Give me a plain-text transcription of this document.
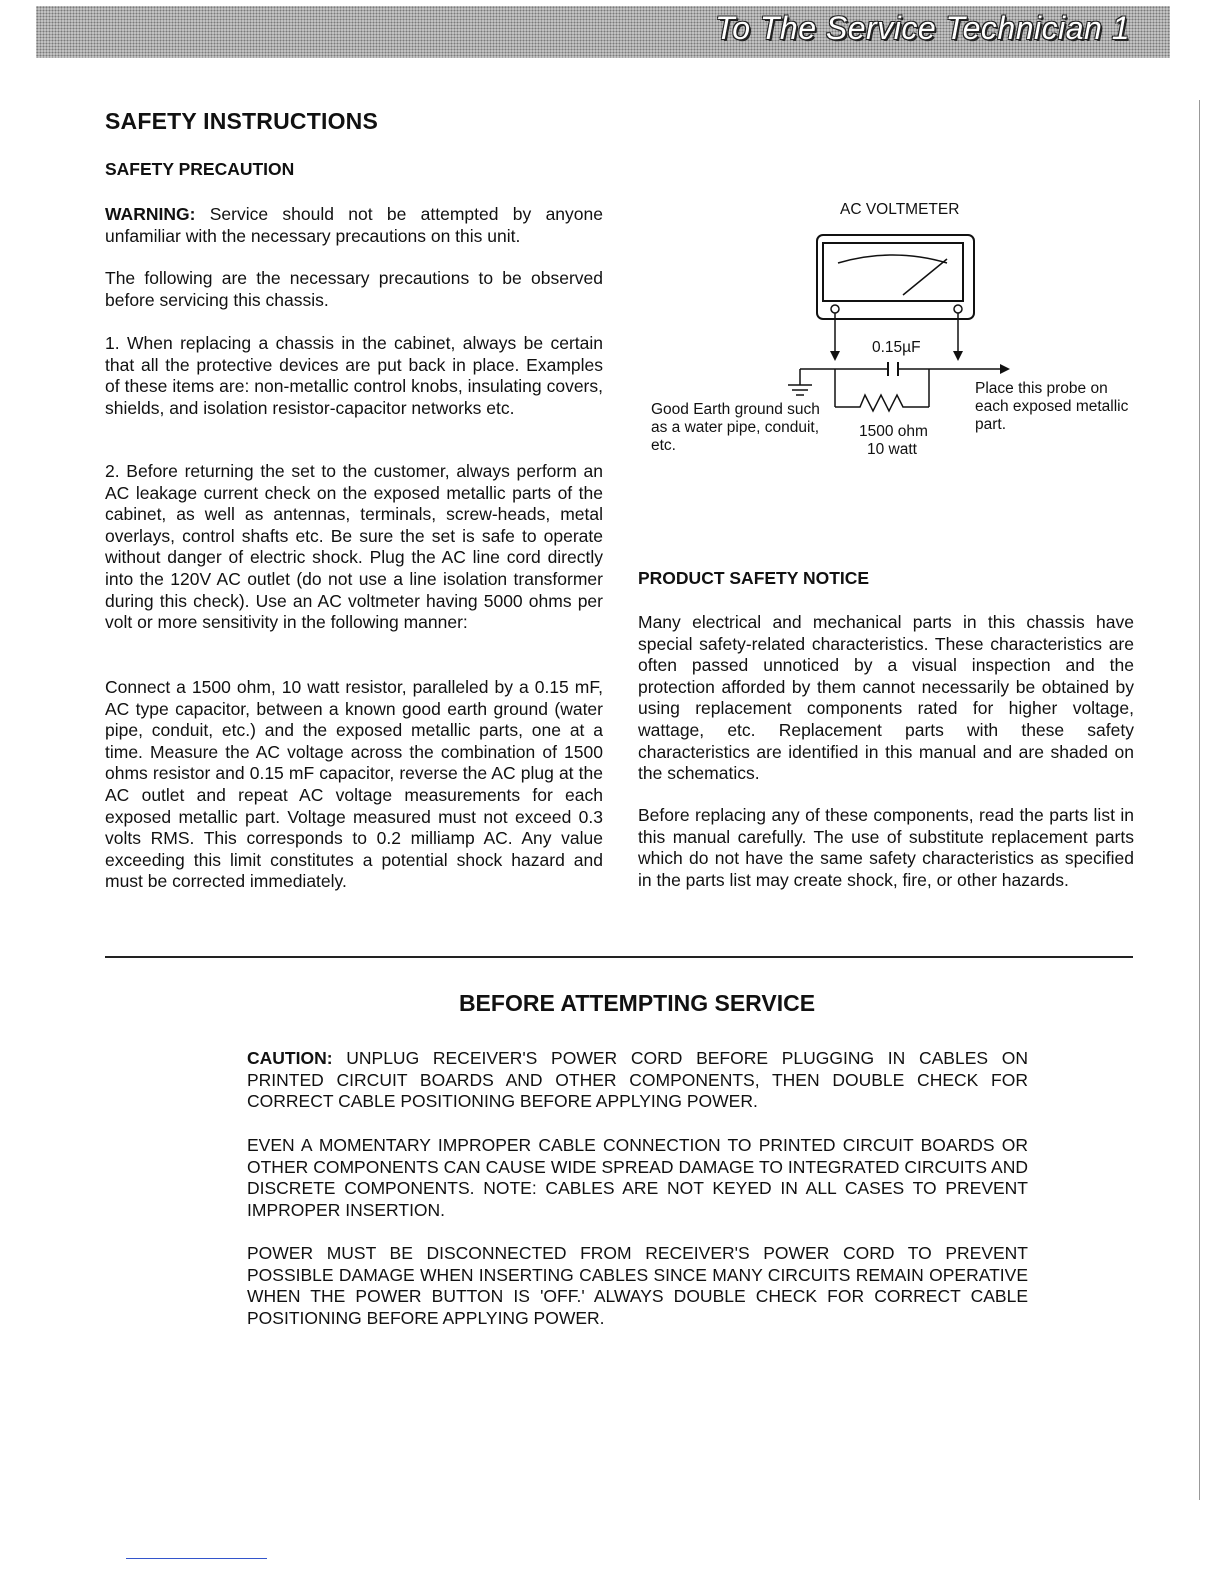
To The Service Technician 1
SAFETY INSTRUCTIONS
SAFETY PRECAUTION

WARNING: Service should not be attempted by anyone unfamiliar with the necessary precautions on this unit.

The following are the necessary precautions to be observed before servicing this chassis.

1. When replacing a chassis in the cabinet, always be certain that all the protective devices are put back in place. Examples of these items are: non-metallic control knobs, insulating covers, shields, and isolation resistor-capacitor networks etc.

2. Before returning the set to the customer, always perform an AC leakage current check on the exposed metallic parts of the cabinet, as well as antennas, terminals, screw-heads, metal overlays, control shafts etc. Be sure the set is safe to operate without danger of electric shock. Plug the AC line cord directly into the 120V AC outlet (do not use a line isolation transformer during this check). Use an AC voltmeter having 5000 ohms per volt or more sensitivity in the following manner:

Connect a 1500 ohm, 10 watt resistor, paralleled by a 0.15 mF, AC type capacitor, between a known good earth ground (water pipe, conduit, etc.) and the exposed metallic parts, one at a time. Measure the AC voltage across the combination of 1500 ohms resistor and 0.15 mF capacitor, reverse the AC plug at the AC outlet and repeat AC voltage measurements for each exposed metallic part. Voltage measured must not exceed 0.3 volts RMS. This corresponds to 0.2 milliamp AC. Any value exceeding this limit constitutes a potential shock hazard and must be corrected immediately.

AC VOLTMETER
0.15µF
Good Earth ground such as a water pipe, conduit, etc.
1500 ohm
10 watt
Place this probe on each exposed metallic part.
PRODUCT SAFETY NOTICE

Many electrical and mechanical parts in this chassis have special safety-related characteristics. These characteristics are often passed unnoticed by a visual inspection and the protection afforded by them cannot necessarily be obtained by using replacement components rated for higher voltage, wattage, etc. Replacement parts with these safety characteristics are identified in this manual and are shaded on the schematics.

Before replacing any of these components, read the parts list in this manual carefully. The use of substitute replacement parts which do not have the same safety characteristics as specified in the parts list may create shock, fire, or other hazards.

BEFORE ATTEMPTING SERVICE

CAUTION: UNPLUG RECEIVER'S POWER CORD BEFORE PLUGGING IN CABLES ON PRINTED CIRCUIT BOARDS AND OTHER COMPONENTS, THEN DOUBLE CHECK FOR CORRECT CABLE POSITIONING BEFORE APPLYING POWER.

EVEN A MOMENTARY IMPROPER CABLE CONNECTION TO PRINTED CIRCUIT BOARDS OR OTHER COMPONENTS CAN CAUSE WIDE SPREAD DAMAGE TO INTEGRATED CIRCUITS AND DISCRETE COMPONENTS. NOTE: CABLES ARE NOT KEYED IN ALL CASES TO PREVENT IMPROPER INSERTION.

POWER MUST BE DISCONNECTED FROM RECEIVER'S POWER CORD TO PREVENT POSSIBLE DAMAGE WHEN INSERTING CABLES SINCE MANY CIRCUITS REMAIN OPERATIVE WHEN THE POWER BUTTON IS 'OFF.' ALWAYS DOUBLE CHECK FOR CORRECT CABLE POSITIONING BEFORE APPLYING POWER.
